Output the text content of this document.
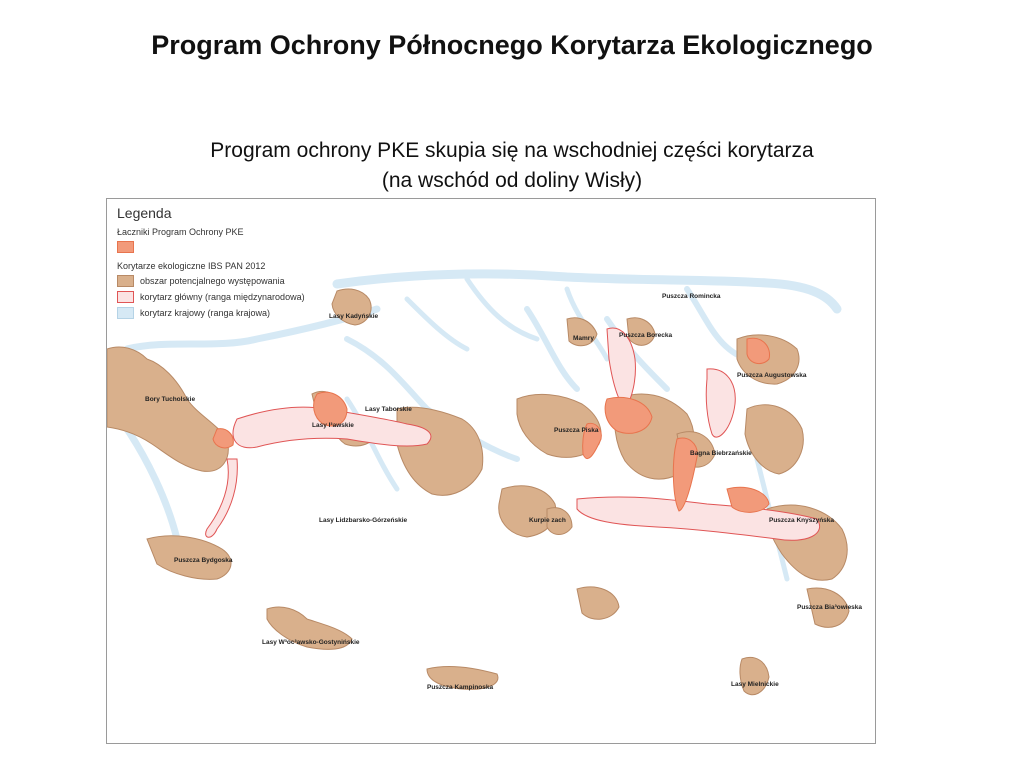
Program Ochrony Północnego Korytarza Ekologicznego
Program ochrony PKE skupia się na wschodniej części korytarza
(na wschód od doliny Wisły)
Lasy Kadyńskie
Puszcza Romincka
Mamry	Puszcza Borecka
Puszcza Augustowska
Bory Tucholskie
Lasy I³awskie
Lasy Taborskie
Puszcza Piska
Bagna Biebrzańskie
Kurpie zach	Puszcza Knyszyńska
Lasy Lidzbarsko-Górzeńskie
Puszcza Bydgoska
Puszcza Bia³owieska
Lasy W³oc³awsko-Gostynińskie
Puszcza Kampinoska	Lasy Mielnickie
Legenda
Łaczniki Program Ochrony PKE
Korytarze ekologiczne IBS PAN 2012
obszar potencjalnego występowania
korytarz główny (ranga międzynarodowa)
korytarz krajowy (ranga krajowa)
